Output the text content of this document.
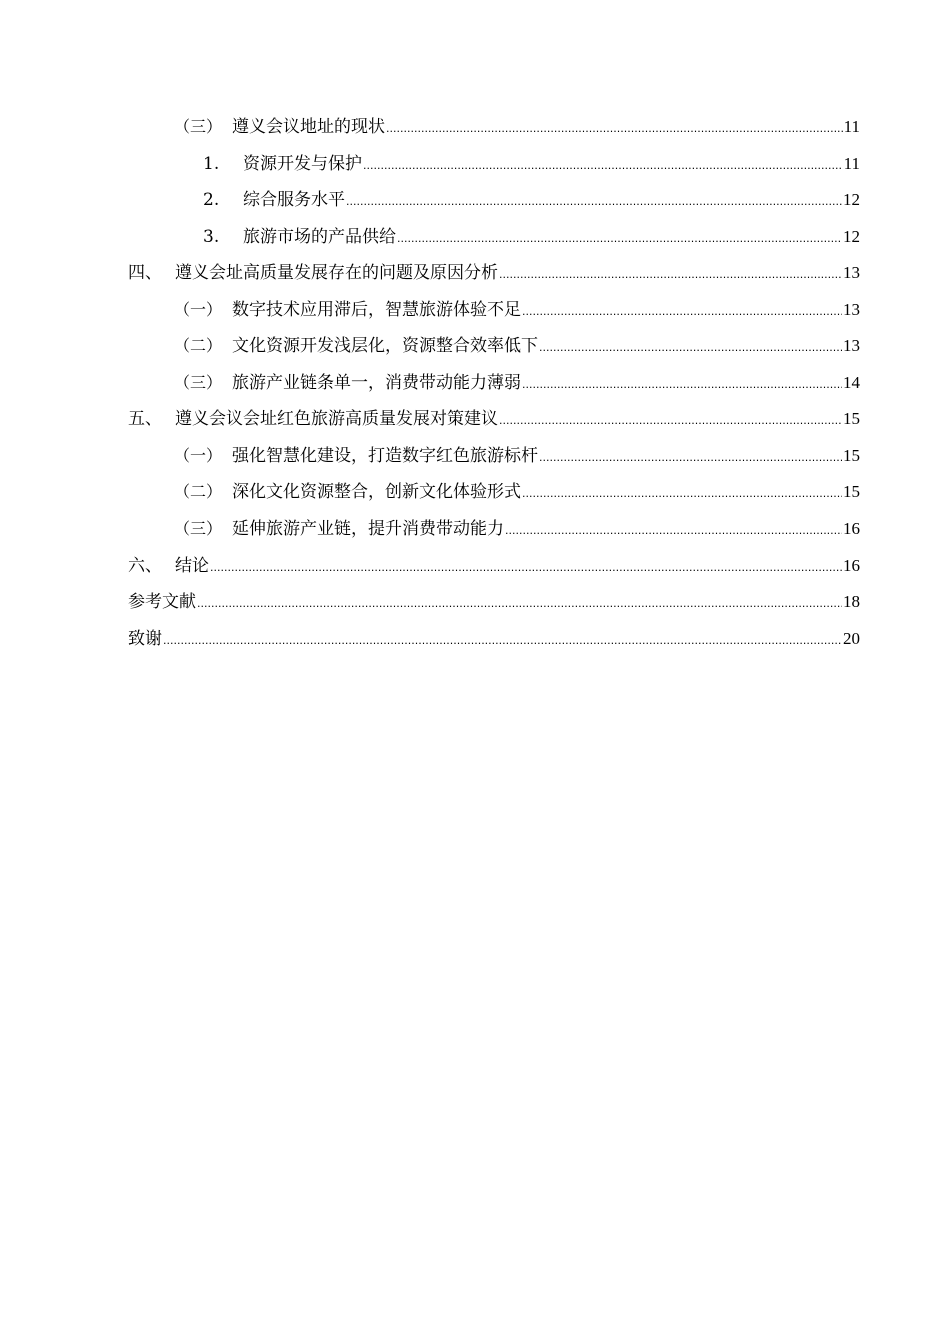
（三） 遵义会议地址的现状 .....	11
1.	资源开发与保护 .....	11
2.	综合服务水平 .....	12
3.	旅游市场的产品供给 .....	12
四、 遵义会址高质量发展存在的问题及原因分析 .....	13
（一） 数字技术应用滞后，智慧旅游体验不足 .....	13
（二） 文化资源开发浅层化，资源整合效率低下 .....	13
（三） 旅游产业链条单一，消费带动能力薄弱 .....	14
五、 遵义会议会址红色旅游高质量发展对策建议 .....	15
（一） 强化智慧化建设，打造数字红色旅游标杆 .....	15
（二） 深化文化资源整合，创新文化体验形式 .....	15
（三） 延伸旅游产业链，提升消费带动能力 .....	16
六、 结论 .....	16
参考文献 .....	18
致谢 .....	20
